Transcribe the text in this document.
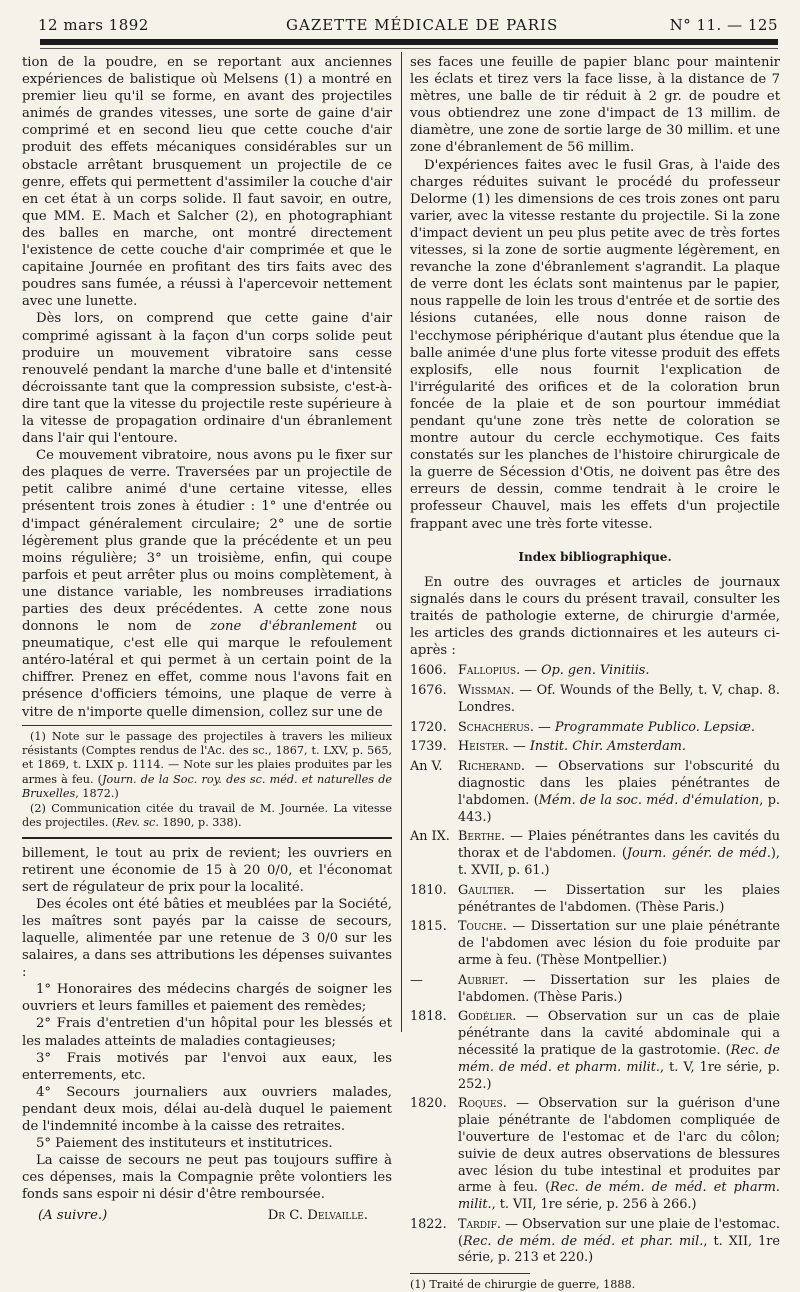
12 mars 1892	GAZETTE MÉDICALE DE PARIS	N° 11. — 125

tion de la poudre, en se reportant aux anciennes expériences de balistique où Melsens (1) a montré en premier lieu qu'il se forme, en avant des projectiles animés de grandes vitesses, une sorte de gaine d'air comprimé et en second lieu que cette couche d'air produit des effets mécaniques considérables sur un obstacle arrêtant brusquement un projectile de ce genre, effets qui permettent d'assimiler la couche d'air en cet état à un corps solide. Il faut savoir, en outre, que MM. E. Mach et Salcher (2), en photographiant des balles en marche, ont montré directement l'existence de cette couche d'air comprimée et que le capitaine Journée en profitant des tirs faits avec des poudres sans fumée, a réussi à l'apercevoir nettement avec une lunette.

Dès lors, on comprend que cette gaine d'air comprimé agissant à la façon d'un corps solide peut produire un mouvement vibratoire sans cesse renouvelé pendant la marche d'une balle et d'intensité décroissante tant que la compression subsiste, c'est-à-dire tant que la vitesse du projectile reste supérieure à la vitesse de propagation ordinaire d'un ébranlement dans l'air qui l'entoure.

Ce mouvement vibratoire, nous avons pu le fixer sur des plaques de verre. Traversées par un projectile de petit calibre animé d'une certaine vitesse, elles présentent trois zones à étudier : 1° une d'entrée ou d'impact généralement circulaire; 2° une de sortie légèrement plus grande que la précédente et un peu moins régulière; 3° un troisième, enfin, qui coupe parfois et peut arrêter plus ou moins complètement, à une distance variable, les nombreuses irradiations parties des deux précédentes. A cette zone nous donnons le nom de zone d'ébranlement ou pneumatique, c'est elle qui marque le refoulement antéro-latéral et qui permet à un certain point de la chiffrer. Prenez en effet, comme nous l'avons fait en présence d'officiers témoins, une plaque de verre à vitre de n'importe quelle dimension, collez sur une de

(1) Note sur le passage des projectiles à travers les milieux résistants (Comptes rendus de l'Ac. des sc., 1867, t. LXV, p. 565, et 1869, t. LXIX p. 1114. — Note sur les plaies produites par les armes à feu. (Journ. de la Soc. roy. des sc. méd. et naturelles de Bruxelles, 1872.)

(2) Communication citée du travail de M. Journée. La vitesse des projectiles. (Rev. sc. 1890, p. 338).

billement, le tout au prix de revient; les ouvriers en retirent une économie de 15 à 20 0/0, et l'économat sert de régulateur de prix pour la localité.

Des écoles ont été bâties et meublées par la Société, les maîtres sont payés par la caisse de secours, laquelle, alimentée par une retenue de 3 0/0 sur les salaires, a dans ses attributions les dépenses suivantes :

1° Honoraires des médecins chargés de soigner les ouvriers et leurs familles et paiement des remèdes;

2° Frais d'entretien d'un hôpital pour les blessés et les malades atteints de maladies contagieuses;

3° Frais motivés par l'envoi aux eaux, les enterrements, etc.

4° Secours journaliers aux ouvriers malades, pendant deux mois, délai au-delà duquel le paiement de l'indemnité incombe à la caisse des retraites.

5° Paiement des instituteurs et institutrices.

La caisse de secours ne peut pas toujours suffire à ces dépenses, mais la Compagnie prête volontiers les fonds sans espoir ni désir d'être remboursée.

(A suivre.)	Dr C. Delvaille.

ses faces une feuille de papier blanc pour maintenir les éclats et tirez vers la face lisse, à la distance de 7 mètres, une balle de tir réduit à 2 gr. de poudre et vous obtiendrez une zone d'impact de 13 millim. de diamètre, une zone de sortie large de 30 millim. et une zone d'ébranlement de 56 millim.

D'expériences faites avec le fusil Gras, à l'aide des charges réduites suivant le procédé du professeur Delorme (1) les dimensions de ces trois zones ont paru varier, avec la vitesse restante du projectile. Si la zone d'impact devient un peu plus petite avec de très fortes vitesses, si la zone de sortie augmente légèrement, en revanche la zone d'ébranlement s'agrandit. La plaque de verre dont les éclats sont maintenus par le papier, nous rappelle de loin les trous d'entrée et de sortie des lésions cutanées, elle nous donne raison de l'ecchymose périphérique d'autant plus étendue que la balle animée d'une plus forte vitesse produit des effets explosifs, elle nous fournit l'explication de l'irrégularité des orifices et de la coloration brun foncée de la plaie et de son pourtour immédiat pendant qu'une zone très nette de coloration se montre autour du cercle ecchymotique. Ces faits constatés sur les planches de l'histoire chirurgicale de la guerre de Sécession d'Otis, ne doivent pas être des erreurs de dessin, comme tendrait à le croire le professeur Chauvel, mais les effets d'un projectile frappant avec une très forte vitesse.

Index bibliographique.

En outre des ouvrages et articles de journaux signalés dans le cours du présent travail, consulter les traités de pathologie externe, de chirurgie d'armée, les articles des grands dictionnaires et les auteurs ci-après :

1606. Fallopius. — Op. gen. Vinitiis.
1676. Wissman. — Of. Wounds of the Belly, t. V, chap. 8. Londres.
1720. Schacherus. — Programmate Publico. Lepsiæ.
1739. Heister. — Instit. Chir. Amsterdam.
An V.	Richerand. — Observations sur l'obscurité du diagnostic dans les plaies pénétrantes de l'abdomen. (Mém. de la soc. méd. d'émulation, p. 443.)
An IX. Berthe. — Plaies pénétrantes dans les cavités du thorax et de l'abdomen. (Journ. génér. de méd.), t. XVII, p. 61.)
1810. Gaultier. — Dissertation sur les plaies pénétrantes de l'abdomen. (Thèse Paris.)
1815. Touche. — Dissertation sur une plaie pénétrante de l'abdomen avec lésion du foie produite par arme à feu. (Thèse Montpellier.)
—	Aubriet. — Dissertation sur les plaies de l'abdomen. (Thèse Paris.)
1818. Godélier. — Observation sur un cas de plaie pénétrante dans la cavité abdominale qui a nécessité la pratique de la gastrotomie. (Rec. de mém. de méd. et pharm. milit., t. V, 1re série, p. 252.)
1820. Roques. — Observation sur la guérison d'une plaie pénétrante de l'abdomen compliquée de l'ouverture de l'estomac et de l'arc du côlon; suivie de deux autres observations de blessures avec lésion du tube intestinal et produites par arme à feu. (Rec. de mém. de méd. et pharm. milit., t. VII, 1re série, p. 256 à 266.)
1822. Tardif. — Observation sur une plaie de l'estomac. (Rec. de mém. de méd. et phar. mil., t. XII, 1re série, p. 213 et 220.)
(1) Traité de chirurgie de guerre, 1888.
